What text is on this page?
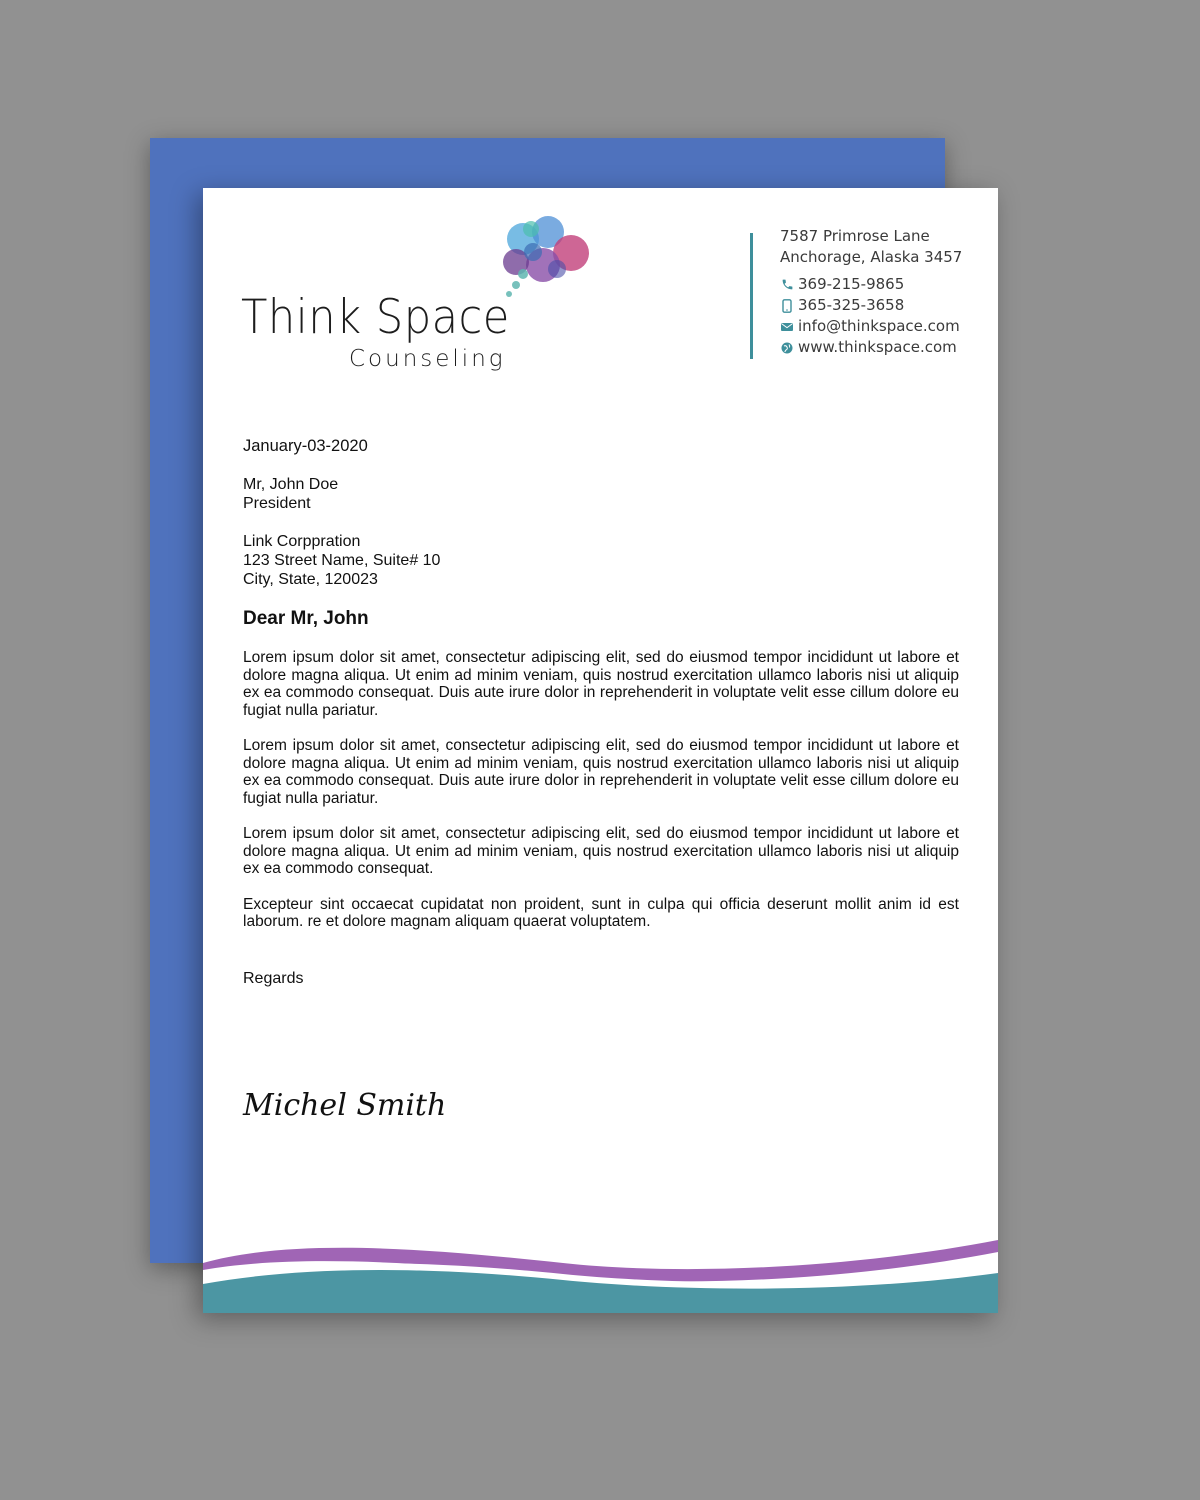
Think Space
Counseling
7587 Primrose Lane
Anchorage, Alaska 3457
369-215-9865
365-325-3658
info@thinkspace.com
www.thinkspace.com
January-03-2020
Mr, John Doe
President
Link Corppration
123 Street Name, Suite# 10
City, State, 120023
Dear Mr, John

Lorem ipsum dolor sit amet, consectetur adipiscing elit, sed do eiusmod tempor incididunt ut labore et dolore magna aliqua. Ut enim ad minim veniam, quis nostrud exercitation ullamco laboris nisi ut aliquip ex ea commodo consequat. Duis aute irure dolor in reprehenderit in voluptate velit esse cillum dolore eu fugiat nulla pariatur.

Lorem ipsum dolor sit amet, consectetur adipiscing elit, sed do eiusmod tempor incididunt ut labore et dolore magna aliqua. Ut enim ad minim veniam, quis nostrud exercitation ullamco laboris nisi ut aliquip ex ea commodo consequat. Duis aute irure dolor in reprehenderit in voluptate velit esse cillum dolore eu fugiat nulla pariatur.

Lorem ipsum dolor sit amet, consectetur adipiscing elit, sed do eiusmod tempor incididunt ut labore et dolore magna aliqua. Ut enim ad minim veniam, quis nostrud exercitation ullamco laboris nisi ut aliquip ex ea commodo consequat.

Excepteur sint occaecat cupidatat non proident, sunt in culpa qui officia deserunt mollit anim id est laborum. re et dolore magnam aliquam quaerat voluptatem.

Regards
Michel Smith
